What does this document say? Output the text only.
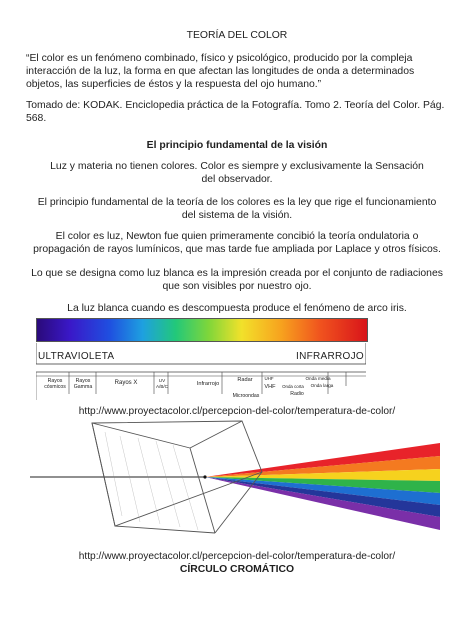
TEORÍA DEL COLOR
“El color es un fenómeno combinado, físico y psicológico, producido por la compleja interacción de la luz, la forma en que afectan las longitudes de onda a determinados objetos, las superficies de éstos y la respuesta del ojo humano.”
Tomado de: KODAK. Enciclopedia práctica de la Fotografía. Tomo 2. Teoría del Color. Pág. 568.
El principio fundamental de la visión
Luz y materia no tienen colores. Color es siempre y exclusivamente la Sensación del observador.
El principio fundamental de la teoría de los colores es la ley que rige el funcionamiento del sistema de la visión.
El color es luz, Newton fue quien primeramente concibió la teoría ondulatoria o propagación de rayos lumínicos, que mas tarde fue ampliada por Laplace y otros físicos.
Lo que se designa como luz blanca es la impresión creada por el conjunto de radiaciones que son visibles por nuestro ojo.
La luz blanca cuando es descompuesta produce el fenómeno de arco iris.
ULTRAVIOLETA	INFRARROJO
Rayos cósmicos
Rayos Gamma
Rayos X	UV A/B/C	Infrarrojo
Radar
Microondas
UHF
VHF	Onda corta
Onda media
Onda larga
Radio
http://www.proyectacolor.cl/percepcion-del-color/temperatura-de-color/
http://www.proyectacolor.cl/percepcion-del-color/temperatura-de-color/
CÍRCULO CROMÁTICO
